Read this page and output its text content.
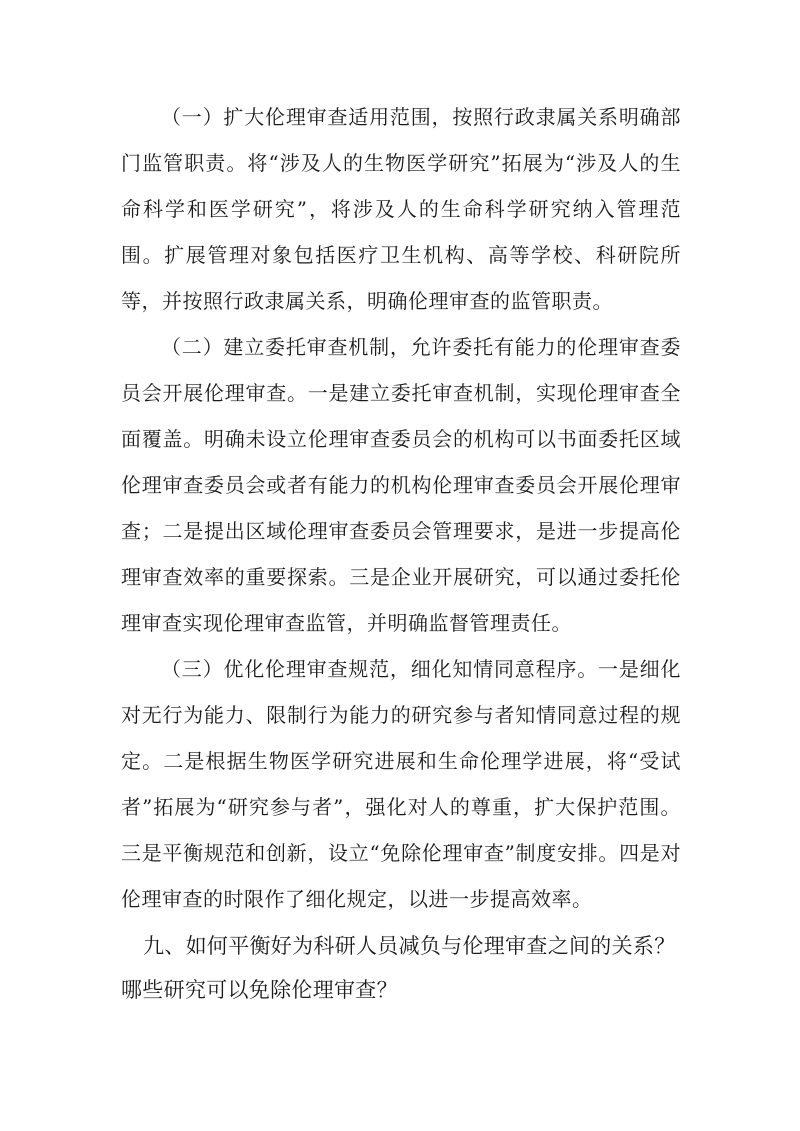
（一）扩大伦理审查适用范围，按照行政隶属关系明确部门监管职责。将“涉及人的生物医学研究”拓展为“涉及人的生命科学和医学研究”，将涉及人的生命科学研究纳入管理范围。扩展管理对象包括医疗卫生机构、高等学校、科研院所等，并按照行政隶属关系，明确伦理审查的监管职责。

（二）建立委托审查机制，允许委托有能力的伦理审查委员会开展伦理审查。一是建立委托审查机制，实现伦理审查全面覆盖。明确未设立伦理审查委员会的机构可以书面委托区域伦理审查委员会或者有能力的机构伦理审查委员会开展伦理审查；二是提出区域伦理审查委员会管理要求，是进一步提高伦理审查效率的重要探索。三是企业开展研究，可以通过委托伦理审查实现伦理审查监管，并明确监督管理责任。

（三）优化伦理审查规范，细化知情同意程序。一是细化对无行为能力、限制行为能力的研究参与者知情同意过程的规定。二是根据生物医学研究进展和生命伦理学进展，将“受试者”拓展为“研究参与者”，强化对人的尊重，扩大保护范围。三是平衡规范和创新，设立“免除伦理审查”制度安排。四是对伦理审查的时限作了细化规定，以进一步提高效率。

九、如何平衡好为科研人员减负与伦理审查之间的关系？哪些研究可以免除伦理审查？
